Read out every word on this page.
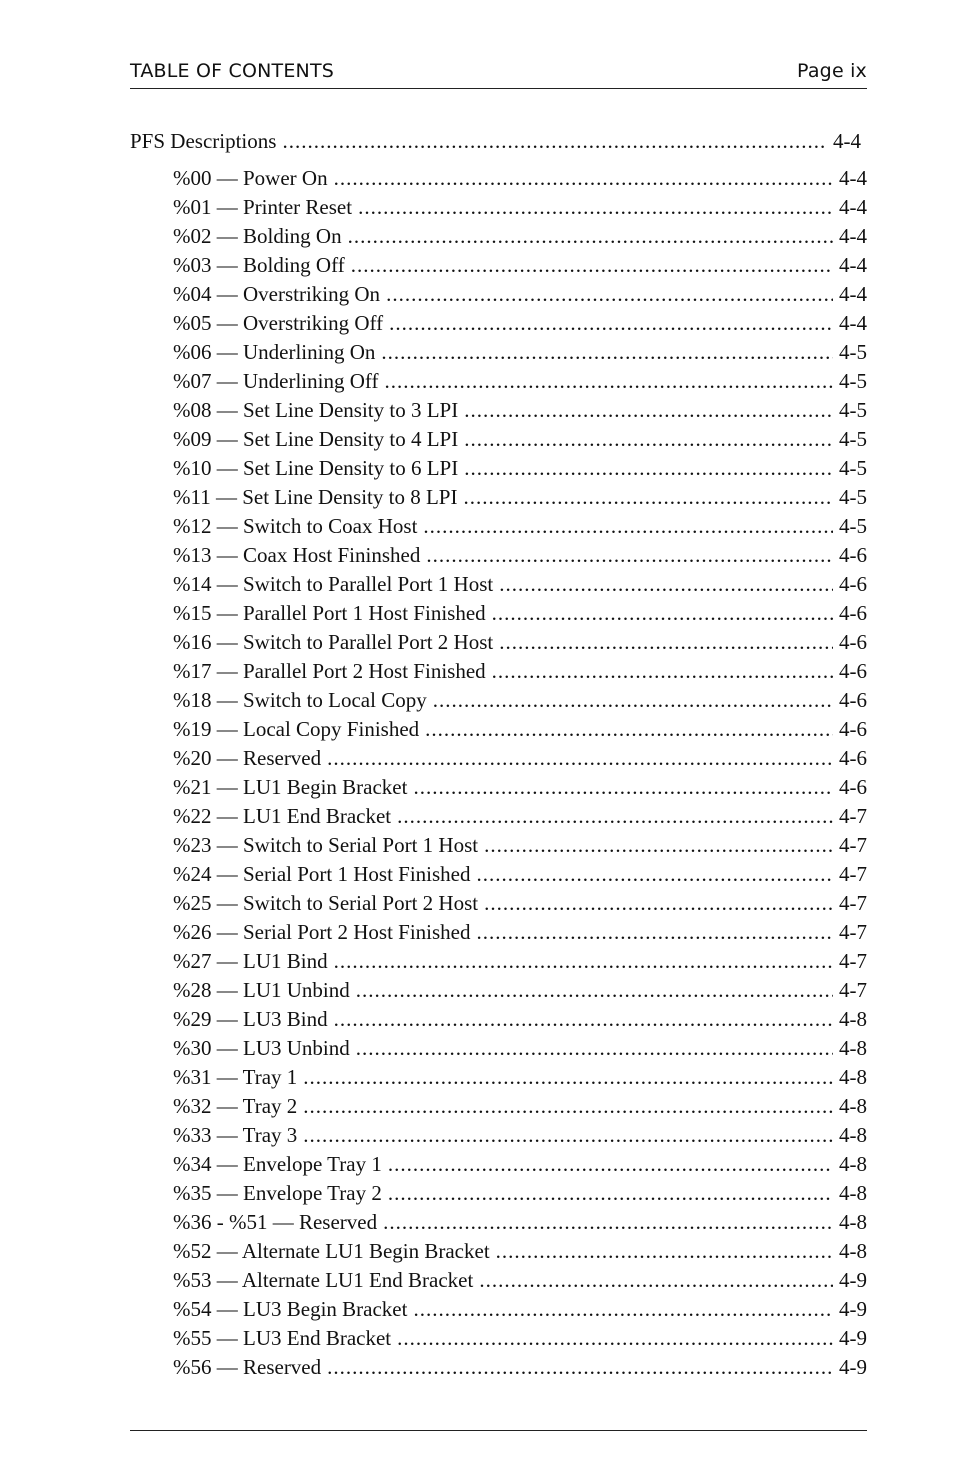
TABLE OF CONTENTS	Page ix
PFS Descriptions .....	4-4
%00 — Power On .....	4-4
%01 — Printer Reset .....	4-4
%02 — Bolding On .....	4-4
%03 — Bolding Off .....	4-4
%04 — Overstriking On .....	4-4
%05 — Overstriking Off .....	4-4
%06 — Underlining On .....	4-5
%07 — Underlining Off .....	4-5
%08 — Set Line Density to 3 LPI .....	4-5
%09 — Set Line Density to 4 LPI .....	4-5
%10 — Set Line Density to 6 LPI .....	4-5
%11 — Set Line Density to 8 LPI .....	4-5
%12 — Switch to Coax Host .....	4-5
%13 — Coax Host Fininshed .....	4-6
%14 — Switch to Parallel Port 1 Host .....	4-6
%15 — Parallel Port 1 Host Finished .....	4-6
%16 — Switch to Parallel Port 2 Host .....	4-6
%17 — Parallel Port 2 Host Finished .....	4-6
%18 — Switch to Local Copy .....	4-6
%19 — Local Copy Finished .....	4-6
%20 — Reserved .....	4-6
%21 — LU1 Begin Bracket .....	4-6
%22 — LU1 End Bracket .....	4-7
%23 — Switch to Serial Port 1 Host .....	4-7
%24 — Serial Port 1 Host Finished .....	4-7
%25 — Switch to Serial Port 2 Host .....	4-7
%26 — Serial Port 2 Host Finished .....	4-7
%27 — LU1 Bind .....	4-7
%28 — LU1 Unbind .....	4-7
%29 — LU3 Bind .....	4-8
%30 — LU3 Unbind .....	4-8
%31 — Tray 1 .....	4-8
%32 — Tray 2 .....	4-8
%33 — Tray 3 .....	4-8
%34 — Envelope Tray 1 .....	4-8
%35 — Envelope Tray 2 .....	4-8
%36 - %51 — Reserved .....	4-8
%52 — Alternate LU1 Begin Bracket .....	4-8
%53 — Alternate LU1 End Bracket .....	4-9
%54 — LU3 Begin Bracket .....	4-9
%55 — LU3 End Bracket .....	4-9
%56 — Reserved .....	4-9
